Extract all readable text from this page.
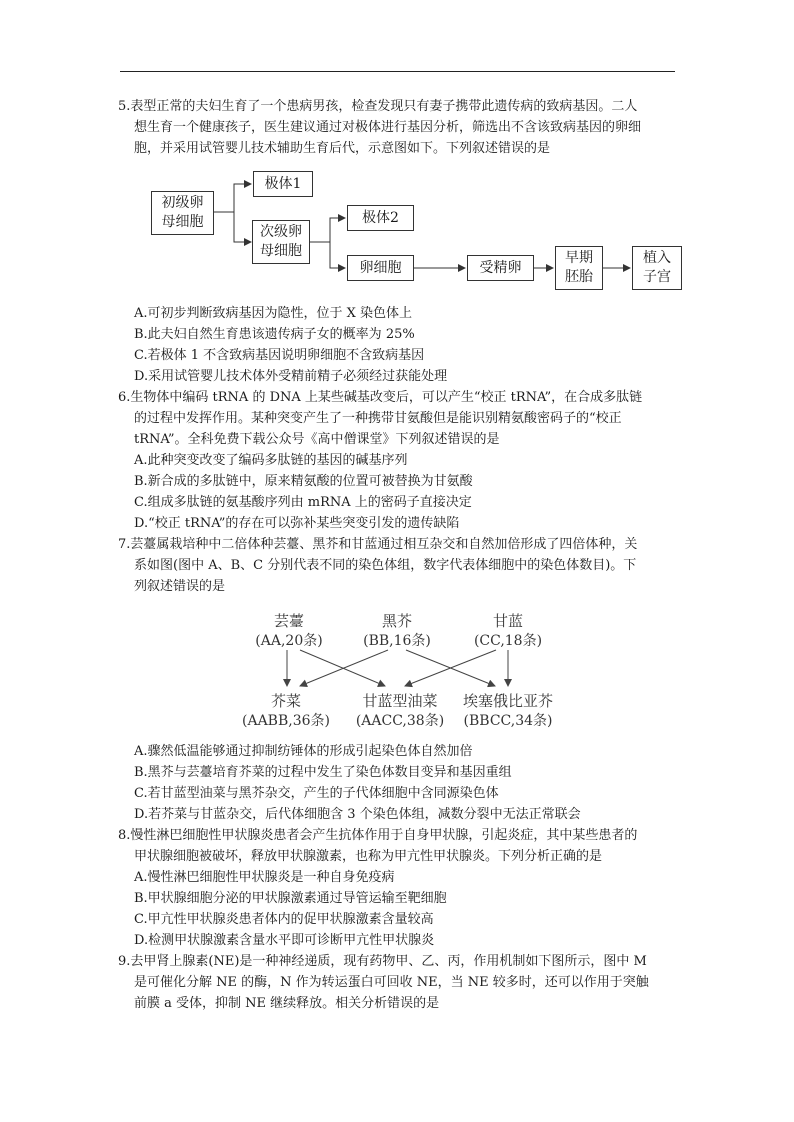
5.表型正常的夫妇生育了一个患病男孩，检查发现只有妻子携带此遗传病的致病基因。二人

想生育一个健康孩子，医生建议通过对极体进行基因分析，筛选出不含该致病基因的卵细
胞，并采用试管婴儿技术辅助生育后代，示意图如下。下列叙述错误的是
初级卵
母细胞
极体1
次级卵
母细胞
极体2
卵细胞	受精卵
早期
胚胎
植入
子宫
A.可初步判断致病基因为隐性，位于 X 染色体上
B.此夫妇自然生育患该遗传病子女的概率为 25%
C.若极体 1 不含致病基因说明卵细胞不含致病基因
D.采用试管婴儿技术体外受精前精子必须经过获能处理
6.生物体中编码 tRNA 的 DNA 上某些碱基改变后，可以产生“校正 tRNA”，在合成多肽链

的过程中发挥作用。某种突变产生了一种携带甘氨酸但是能识别精氨酸密码子的“校正
tRNA”。全科免费下载公众号《高中僧课堂》下列叙述错误的是
A.此种突变改变了编码多肽链的基因的碱基序列
B.新合成的多肽链中，原来精氨酸的位置可被替换为甘氨酸
C.组成多肽链的氨基酸序列由 mRNA 上的密码子直接决定
D.“校正 tRNA”的存在可以弥补某些突变引发的遗传缺陷
7.芸薹属栽培种中二倍体种芸薹、黑芥和甘蓝通过相互杂交和自然加倍形成了四倍体种，关

系如图(图中 A、B、C 分别代表不同的染色体组，数字代表体细胞中的染色体数目)。下
列叙述错误的是
芸薹
(AA,20条)
黑芥
(BB,16条)
甘蓝
(CC,18条)
芥菜
(AABB,36条)
甘蓝型油菜
(AACC,38条)
埃塞俄比亚芥
(BBCC,34条)
A.骤然低温能够通过抑制纺锤体的形成引起染色体自然加倍
B.黑芥与芸薹培育芥菜的过程中发生了染色体数目变异和基因重组
C.若甘蓝型油菜与黑芥杂交，产生的子代体细胞中含同源染色体
D.若芥菜与甘蓝杂交，后代体细胞含 3 个染色体组，减数分裂中无法正常联会
8.慢性淋巴细胞性甲状腺炎患者会产生抗体作用于自身甲状腺，引起炎症，其中某些患者的

甲状腺细胞被破坏，释放甲状腺激素，也称为甲亢性甲状腺炎。下列分析正确的是
A.慢性淋巴细胞性甲状腺炎是一种自身免疫病
B.甲状腺细胞分泌的甲状腺激素通过导管运输至靶细胞
C.甲亢性甲状腺炎患者体内的促甲状腺激素含量较高
D.检测甲状腺激素含量水平即可诊断甲亢性甲状腺炎
9.去甲肾上腺素(NE)是一种神经递质，现有药物甲、乙、丙，作用机制如下图所示，图中 M

是可催化分解 NE 的酶，N 作为转运蛋白可回收 NE，当 NE 较多时，还可以作用于突触
前膜 a 受体，抑制 NE 继续释放。相关分析错误的是
